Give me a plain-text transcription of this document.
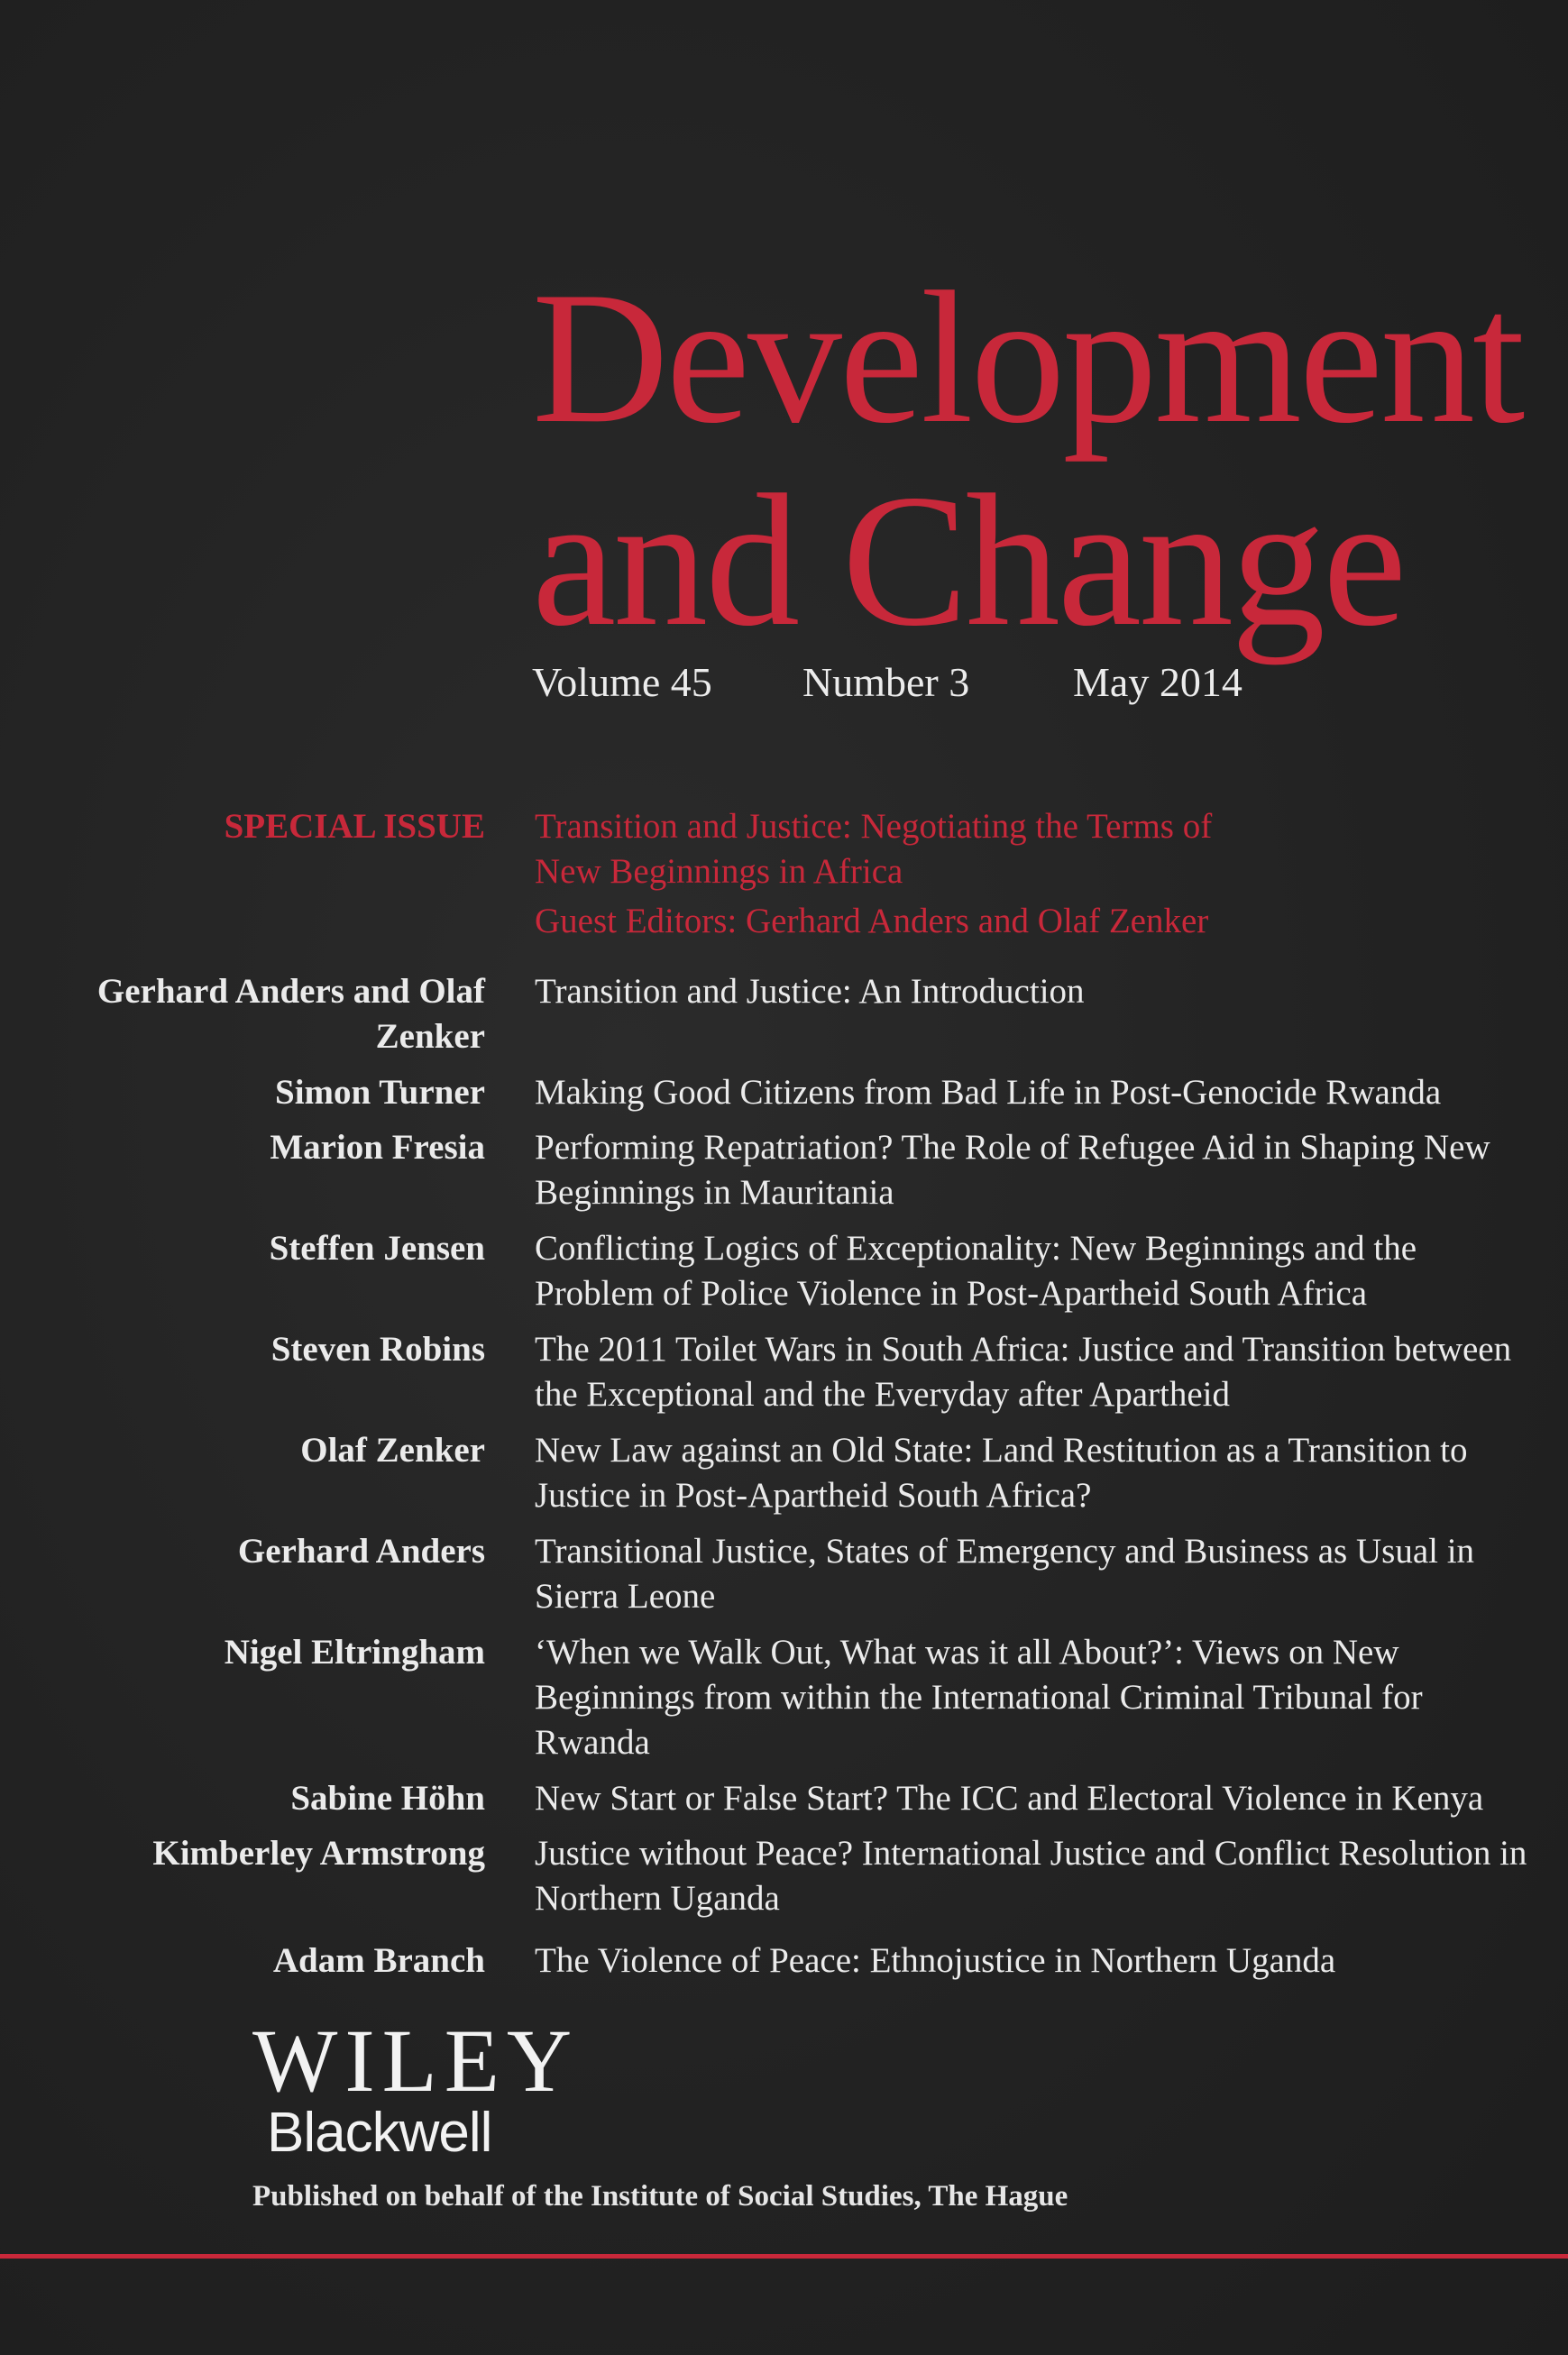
Development
and Change
Volume 45 Number 3 May 2014
SPECIAL ISSUE Transition and Justice: Negotiating the Terms of
New Beginnings in Africa
Guest Editors: Gerhard Anders and Olaf Zenker
Gerhard Anders and Olaf Zenker
Transition and Justice: An Introduction
Simon Turner Making Good Citizens from Bad Life in Post-Genocide Rwanda
Marion Fresia Performing Repatriation? The Role of Refugee Aid in Shaping New Beginnings in Mauritania
Steffen Jensen Conflicting Logics of Exceptionality: New Beginnings and the Problem of Police Violence in Post-Apartheid South Africa
Steven Robins The 2011 Toilet Wars in South Africa: Justice and Transition between the Exceptional and the Everyday after Apartheid
Olaf Zenker New Law against an Old State: Land Restitution as a Transition to Justice in Post-Apartheid South Africa?
Gerhard Anders Transitional Justice, States of Emergency and Business as Usual in Sierra Leone
Nigel Eltringham ‘When we Walk Out, What was it all About?’: Views on New Beginnings from within the International Criminal Tribunal for Rwanda
Sabine Höhn New Start or False Start? The ICC and Electoral Violence in Kenya
Kimberley Armstrong Justice without Peace? International Justice and Conflict Resolution in Northern Uganda
Adam Branch The Violence of Peace: Ethnojustice in Northern Uganda
WILEY
Blackwell
Published on behalf of the Institute of Social Studies, The Hague
